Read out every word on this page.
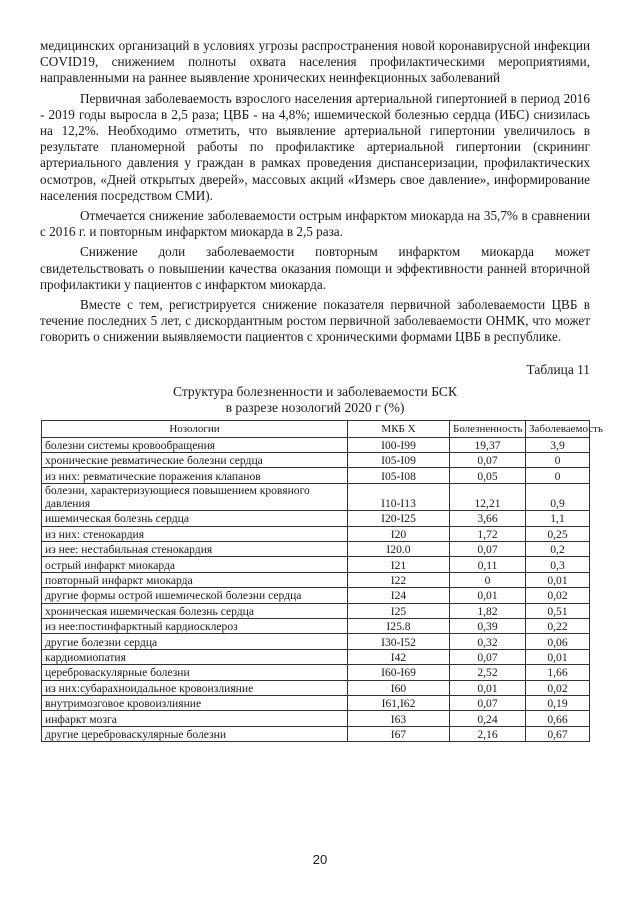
медицинских организаций в условиях угрозы распространения новой коронавирусной инфекции COVID19, снижением полноты охвата населения профилактическими мероприятиями, направленными на раннее выявление хронических неинфекционных заболеваний

Первичная заболеваемость взрослого населения артериальной гипертонией в период 2016 - 2019 годы выросла в 2,5 раза; ЦВБ - на 4,8%; ишемической болезнью сердца (ИБС) снизилась на 12,2%. Необходимо отметить, что выявление артериальной гипертонии увеличилось в результате планомерной работы по профилактике артериальной гипертонии (скрининг артериального давления у граждан в рамках проведения диспансеризации, профилактических осмотров, «Дней открытых дверей», массовых акций «Измерь свое давление», информирование населения посредством СМИ).

Отмечается снижение заболеваемости острым инфарктом миокарда на 35,7% в сравнении с 2016 г. и повторным инфарктом миокарда в 2,5 раза.

Снижение доли заболеваемости повторным инфарктом миокарда может свидетельствовать о повышении качества оказания помощи и эффективности ранней вторичной профилактики у пациентов с инфарктом миокарда.

Вместе с тем, регистрируется снижение показателя первичной заболеваемости ЦВБ в течение последних 5 лет, с дискордантным ростом первичной заболеваемости ОНМК, что может говорить о снижении выявляемости пациентов с хроническими формами ЦВБ в республике.

Таблица 11
Структура болезненности и заболеваемости БСК
в разрезе нозологий 2020 г (%)
Нозологии	МКБ Х	Болезненность	Заболеваемость
болезни системы кровообращения	I00-I99	19,37	3,9
хронические ревматические болезни сердца	I05-I09	0,07	0
из них: ревматические поражения клапанов	I05-I08	0,05	0
болезни, характеризующиеся повышением кровяного давления	I10-I13	12,21	0,9
ишемическая болезнь сердца	I20-I25	3,66	1,1
из них: стенокардия	I20	1,72	0,25
из нее: нестабильная стенокардия	I20.0	0,07	0,2
острый инфаркт миокарда	I21	0,11	0,3
повторный инфаркт миокарда	I22	0	0,01
другие формы острой ишемической болезни сердца	I24	0,01	0,02
хроническая ишемическая болезнь сердца	I25	1,82	0,51
из нее:постинфарктный кардиосклероз	I25.8	0,39	0,22
другие болезни сердца	I30-I52	0,32	0,06
кардиомиопатия	I42	0,07	0,01
цереброваскулярные болезни	I60-I69	2,52	1,66
из них:субарахноидальное кровоизлияние	I60	0,01	0,02
внутримозговое кровоизлияние	I61,I62	0,07	0,19
инфаркт мозга	I63	0,24	0,66
другие цереброваскулярные болезни	I67	2,16	0,67
20
